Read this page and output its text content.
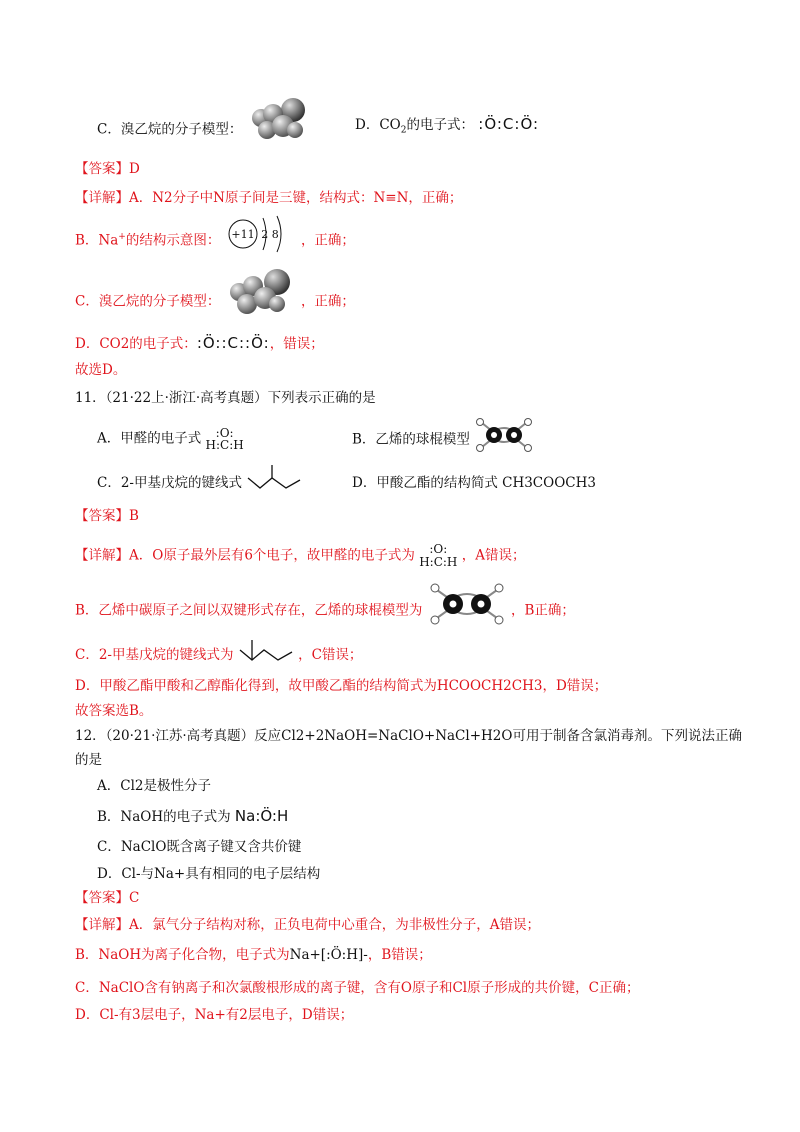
C．溴乙烷的分子模型：	D．$CO_2$的电子式： :Ö:C:Ö:
【答案】D
【详解】A．N2分子中N原子间是三键，结构式：N≡N，正确；
B．Na+的结构示意图： +11 2 8 ，正确；
C．溴乙烷的分子模型：	，正确；
D．CO2的电子式：:Ö::C::Ö:，错误；
故选D。
11．（21·22上·浙江·高考真题）下列表示正确的是
A．甲醛的电子式	:O:
H:C:H	B．乙烯的球棍模型
C．2-甲基戊烷的键线式	D．甲酸乙酯的结构简式 CH3COOCH3
【答案】B
【详解】A．O原子最外层有6个电子，故甲醛的电子式为	:O:
H:C:H ，A错误；
B．乙烯中碳原子之间以双键形式存在，乙烯的球棍模型为	，B正确；
C．2-甲基戊烷的键线式为	，C错误；
D．甲酸乙酯甲酸和乙醇酯化得到，故甲酸乙酯的结构简式为HCOOCH2CH3，D错误；
故答案选B。
12．（20·21·江苏·高考真题）反应Cl2+2NaOH=NaClO+NaCl+H2O可用于制备含氯消毒剂。下列说法正确
的是
A．Cl2是极性分子
B．NaOH的电子式为 Na:Ö:H
C．NaClO既含离子键又含共价键
D．Cl-与Na+具有相同的电子层结构
【答案】C
【详解】A．氯气分子结构对称，正负电荷中心重合，为非极性分子，A错误；
B．NaOH为离子化合物，电子式为Na+[:Ö:H]-，B错误；
C．NaClO含有钠离子和次氯酸根形成的离子键，含有O原子和Cl原子形成的共价键，C正确；
D．Cl-有3层电子，Na+有2层电子，D错误；
